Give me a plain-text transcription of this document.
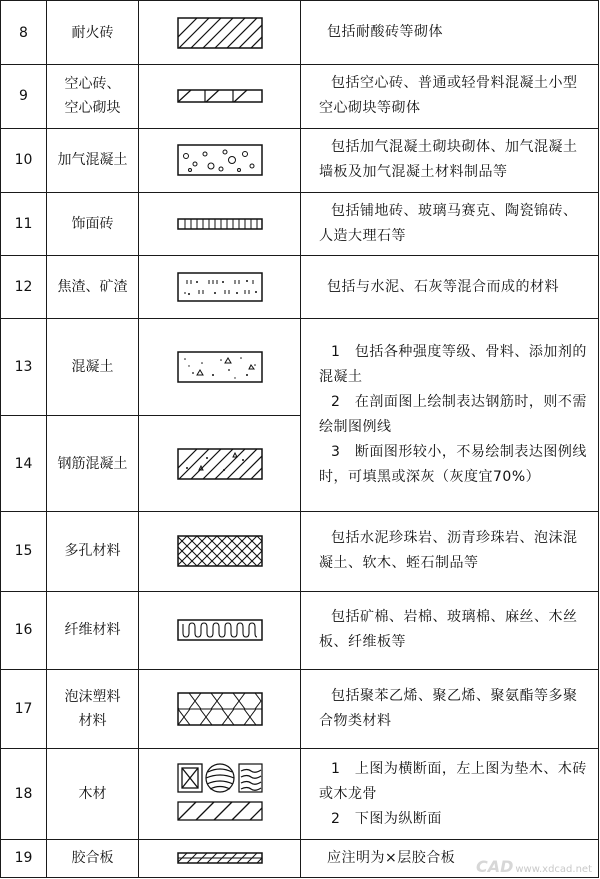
8	耐火砖		包括耐酸砖等砌体
9	空心砖、
空心砌块		包括空心砖、普通或轻骨料混凝土小型空心砌块等砌体

10	加气混凝土		包括加气混凝土砌块砌体、加气混凝土墙板及加气混凝土材料制品等

11	饰面砖		包括铺地砖、玻璃马赛克、陶瓷锦砖、人造大理石等

12	焦渣、矿渣		包括与水泥、石灰等混合而成的材料
13	混凝土		1　包括各种强度等级、骨料、添加剂的混凝土
2　在剖面图上绘制表达钢筋时，则不需绘制图例线
3　断面图形较小，不易绘制表达图例线时，可填黑或深灰（灰度宜70%）

14	钢筋混凝土	

15	多孔材料		包括水泥珍珠岩、沥青珍珠岩、泡沫混凝土、软木、蛭石制品等

16	纤维材料		包括矿棉、岩棉、玻璃棉、麻丝、木丝板、纤维板等

17	泡沫塑料
材料		包括聚苯乙烯、聚乙烯、聚氨酯等多聚合物类材料

18	木材		1　上图为横断面，左上图为垫木、木砖或木龙骨
2　下图为纵断面

19	胶合板		应注明为×层胶合板 CAD www.xdcad.net
